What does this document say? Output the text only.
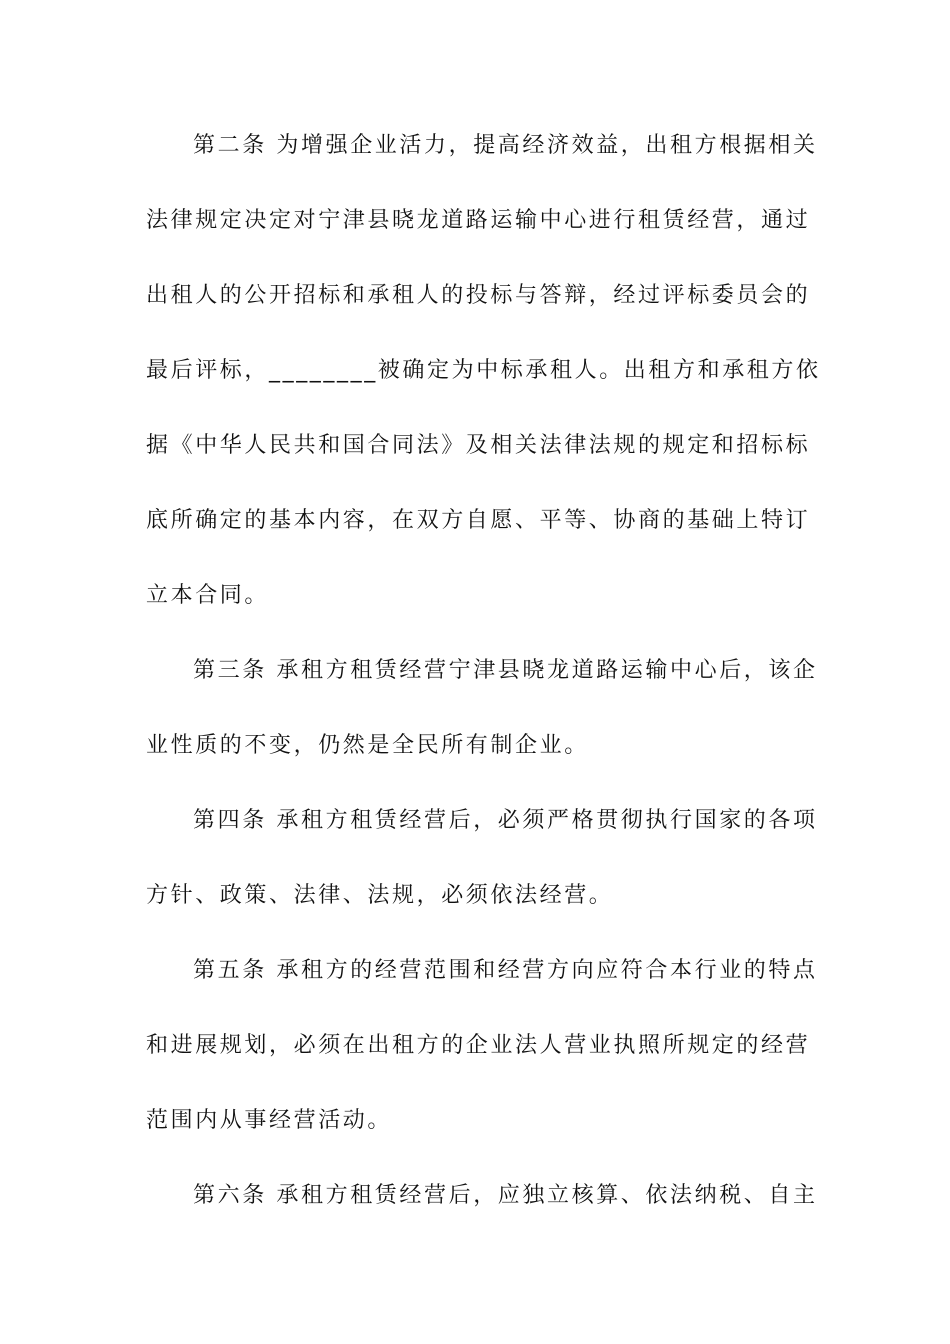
第二条 为增强企业活力，提高经济效益，出租方根据相关
法律规定决定对宁津县晓龙道路运输中心进行租赁经营，通过
出租人的公开招标和承租人的投标与答辩，经过评标委员会的
最后评标，________被确定为中标承租人。出租方和承租方依
据《中华人民共和国合同法》及相关法律法规的规定和招标标
底所确定的基本内容，在双方自愿、平等、协商的基础上特订
立本合同。
第三条 承租方租赁经营宁津县晓龙道路运输中心后，该企
业性质的不变，仍然是全民所有制企业。
第四条 承租方租赁经营后，必须严格贯彻执行国家的各项
方针、政策、法律、法规，必须依法经营。
第五条 承租方的经营范围和经营方向应符合本行业的特点
和进展规划，必须在出租方的企业法人营业执照所规定的经营
范围内从事经营活动。
第六条 承租方租赁经营后，应独立核算、依法纳税、自主
